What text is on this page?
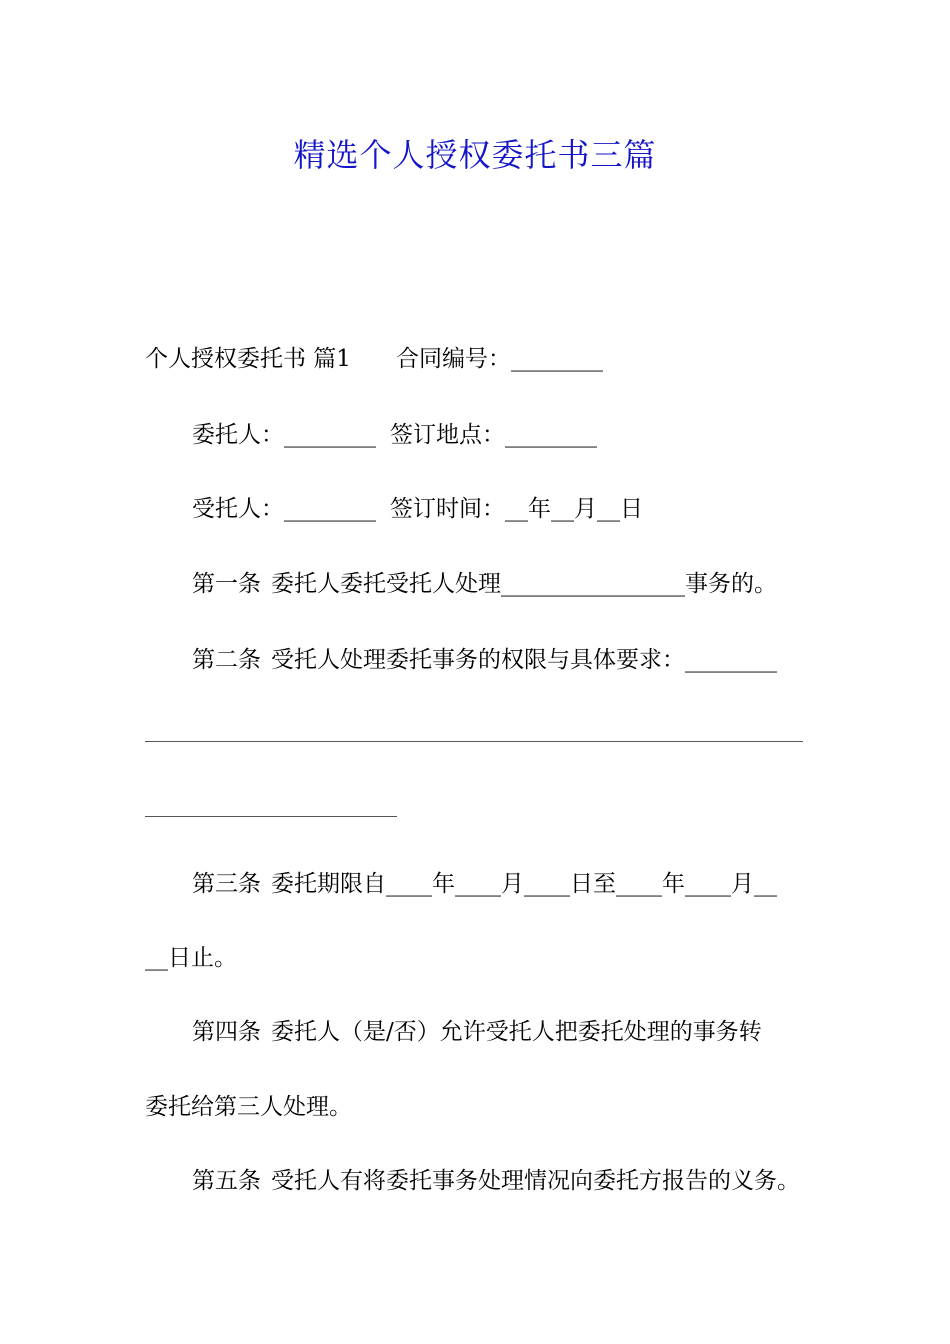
精选个人授权委托书三篇
个人授权委托书 篇1 合同编号：________
委托人：________ 签订地点：________
受托人：________ 签订时间：__年__月__日
第一条 委托人委托受托人处理________________事务的。
第二条 受托人处理委托事务的权限与具体要求：________
第三条 委托期限自____年____月____日至____年____月__
__日止。
第四条 委托人（是/否）允许受托人把委托处理的事务转
委托给第三人处理。
第五条 受托人有将委托事务处理情况向委托方报告的义务。
